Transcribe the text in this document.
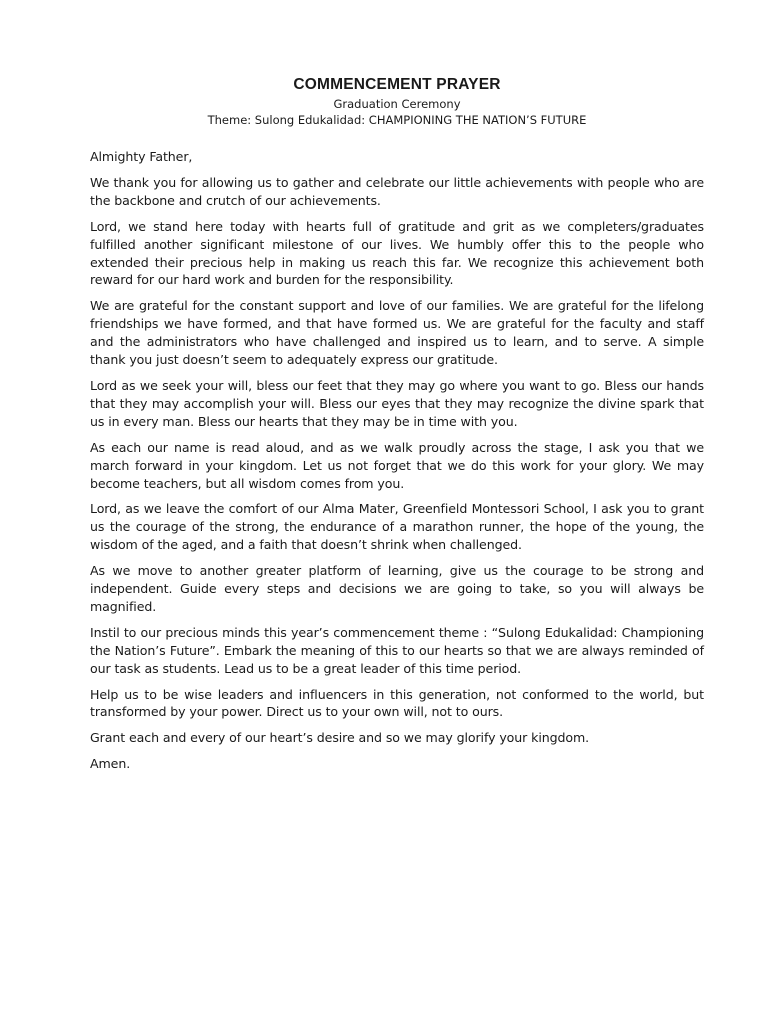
COMMENCEMENT PRAYER

Graduation Ceremony

Theme: Sulong Edukalidad: CHAMPIONING THE NATION’S FUTURE

Almighty Father,

We thank you for allowing us to gather and celebrate our little achievements with people who are the backbone and crutch of our achievements.

Lord, we stand here today with hearts full of gratitude and grit as we completers/graduates fulfilled another significant milestone of our lives. We humbly offer this to the people who extended their precious help in making us reach this far. We recognize this achievement both reward for our hard work and burden for the responsibility.

We are grateful for the constant support and love of our families. We are grateful for the lifelong friendships we have formed, and that have formed us. We are grateful for the faculty and staff and the administrators who have challenged and inspired us to learn, and to serve. A simple thank you just doesn’t seem to adequately express our gratitude.

Lord as we seek your will, bless our feet that they may go where you want to go. Bless our hands that they may accomplish your will. Bless our eyes that they may recognize the divine spark that us in every man. Bless our hearts that they may be in time with you.

As each our name is read aloud, and as we walk proudly across the stage, I ask you that we march forward in your kingdom. Let us not forget that we do this work for your glory. We may become teachers, but all wisdom comes from you.

Lord, as we leave the comfort of our Alma Mater, Greenfield Montessori School, I ask you to grant us the courage of the strong, the endurance of a marathon runner, the hope of the young, the wisdom of the aged, and a faith that doesn’t shrink when challenged.

As we move to another greater platform of learning, give us the courage to be strong and independent. Guide every steps and decisions we are going to take, so you will always be magnified.

Instil to our precious minds this year’s commencement theme : “Sulong Edukalidad: Championing the Nation’s Future”. Embark the meaning of this to our hearts so that we are always reminded of our task as students. Lead us to be a great leader of this time period.

Help us to be wise leaders and influencers in this generation, not conformed to the world, but transformed by your power. Direct us to your own will, not to ours.

Grant each and every of our heart’s desire and so we may glorify your kingdom.

Amen.
